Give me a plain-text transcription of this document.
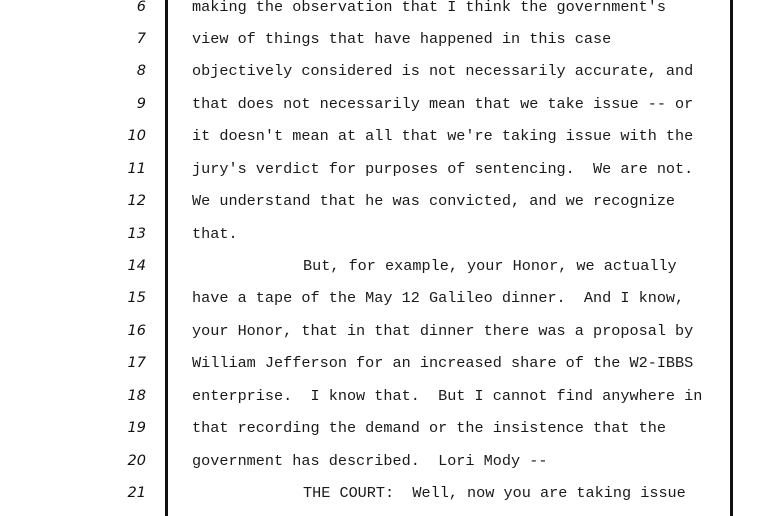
6	making the observation that I think the government's
7	view of things that have happened in this case
8	objectively considered is not necessarily accurate, and
9	that does not necessarily mean that we take issue -- or
10	it doesn't mean at all that we're taking issue with the
11	jury's verdict for purposes of sentencing.  We are not.
12	We understand that he was convicted, and we recognize
13	that.
14	But, for example, your Honor, we actually
15	have a tape of the May 12 Galileo dinner.  And I know,
16	your Honor, that in that dinner there was a proposal by
17	William Jefferson for an increased share of the W2-IBBS
18	enterprise.  I know that.  But I cannot find anywhere in
19	that recording the demand or the insistence that the
20	government has described.  Lori Mody --
21	THE COURT:  Well, now you are taking issue
